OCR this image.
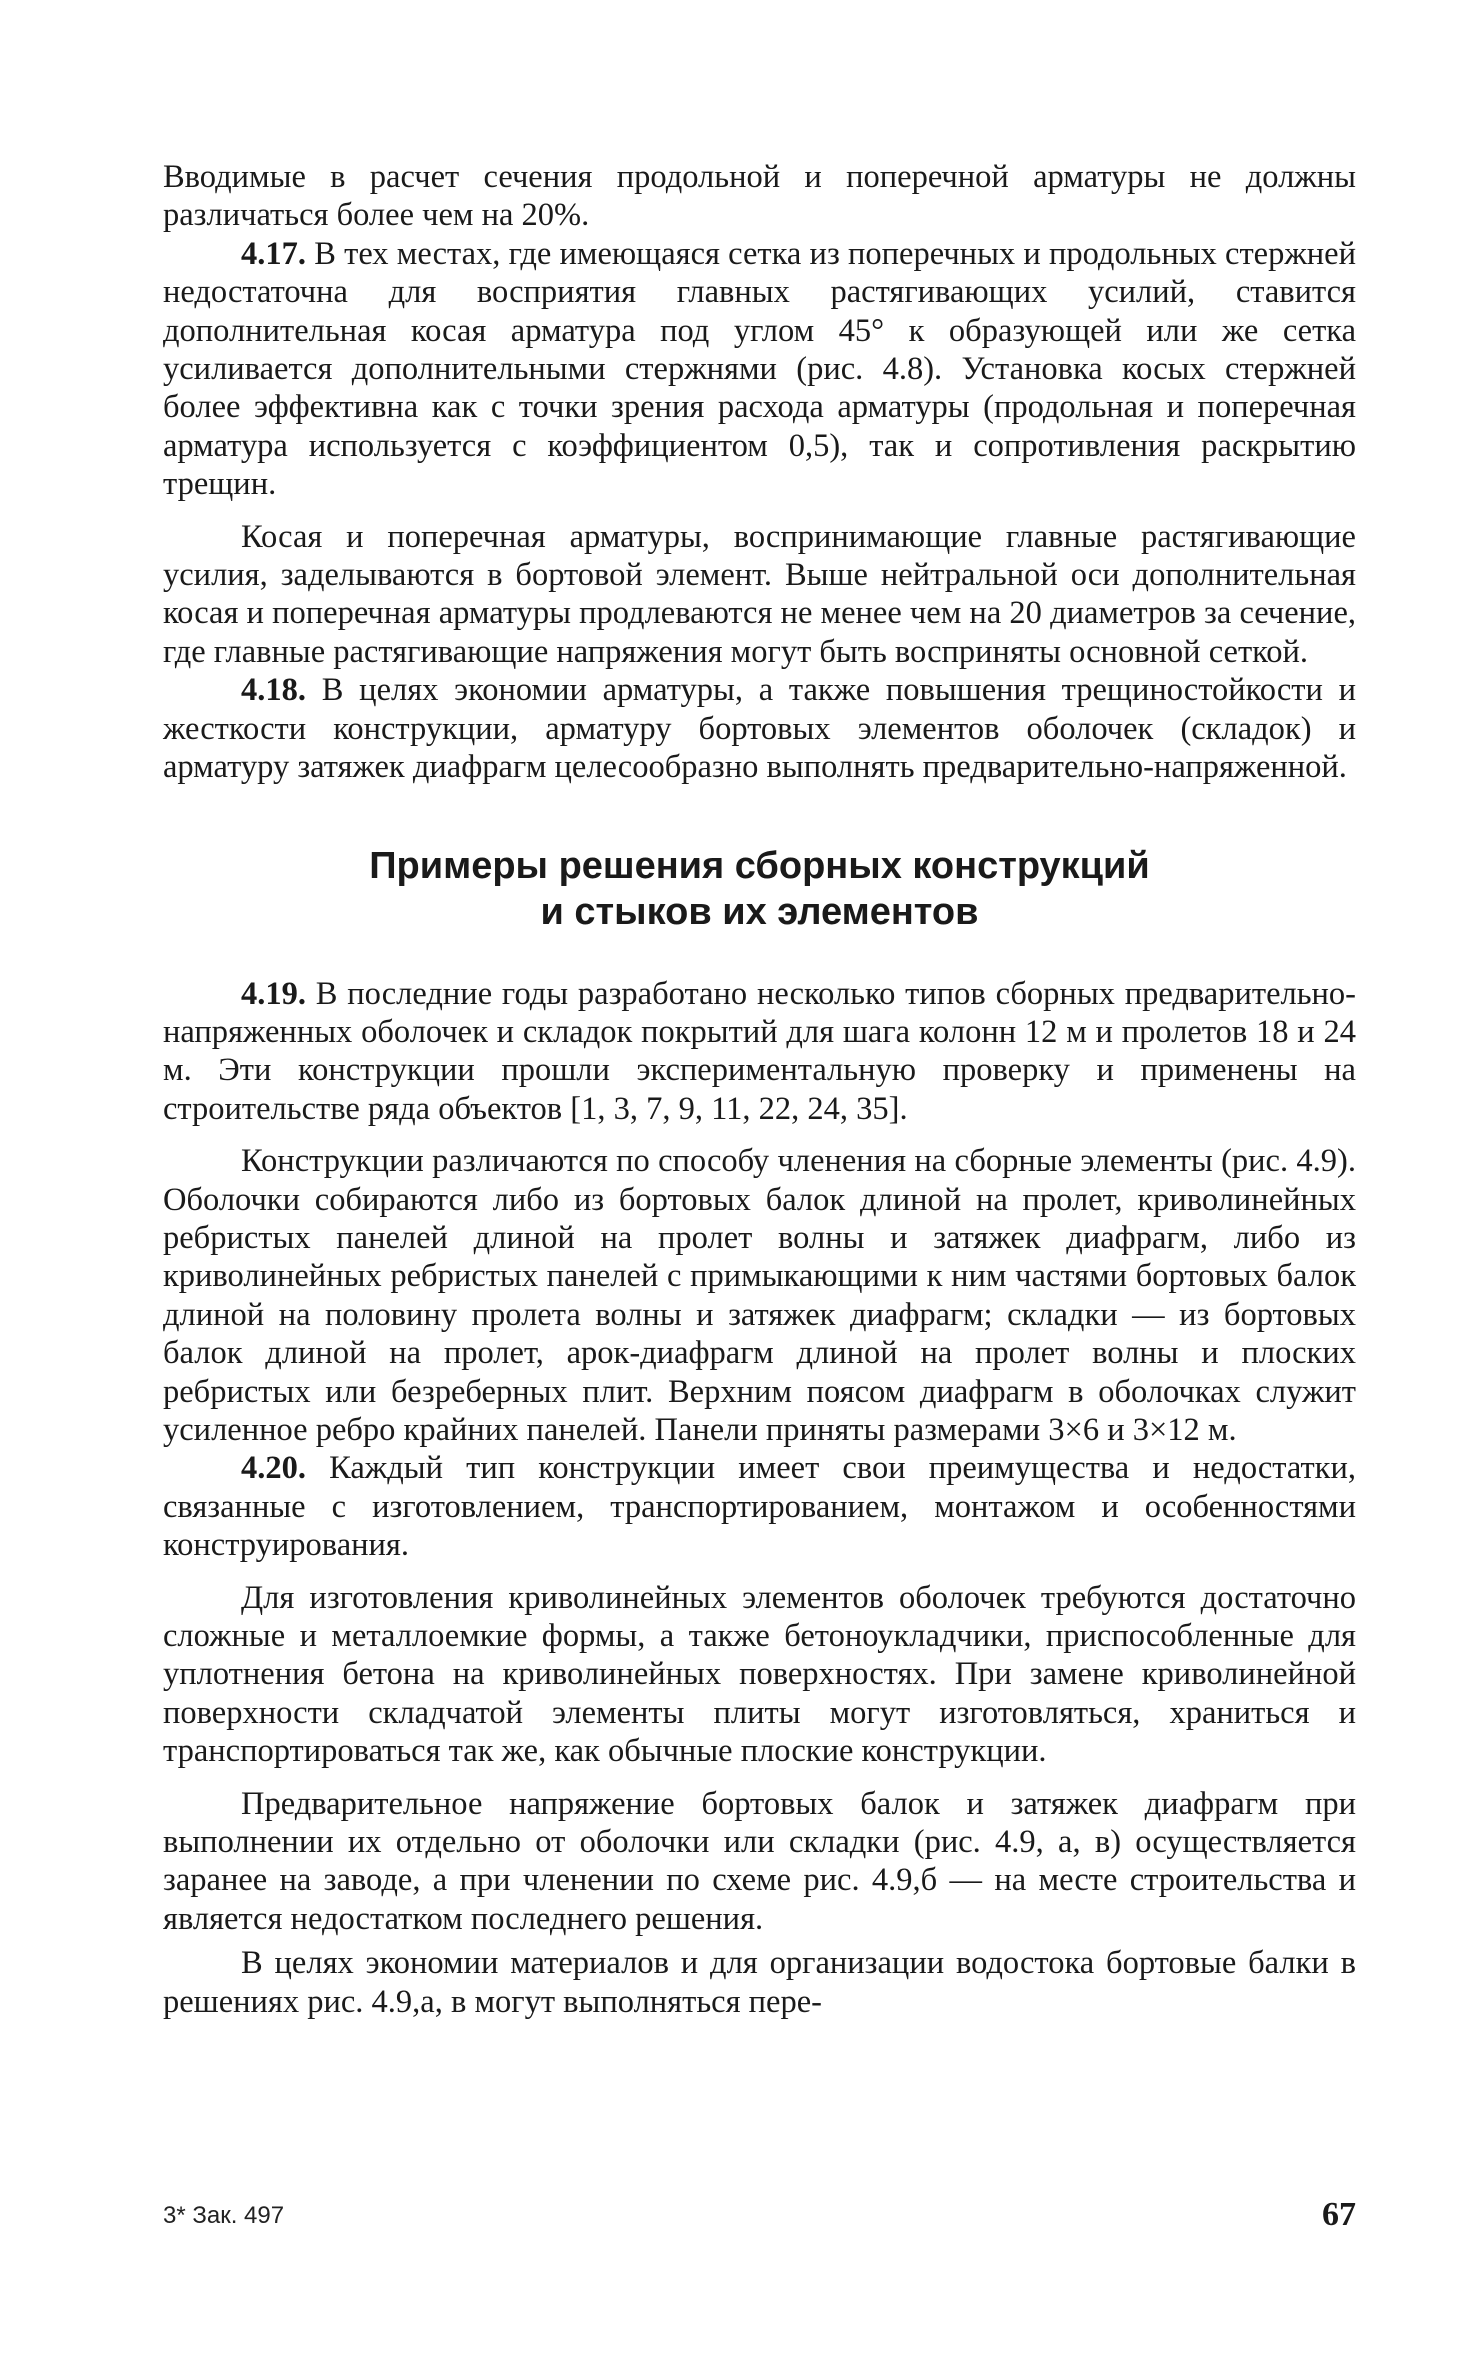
Вводимые в расчет сечения продольной и поперечной арматуры не должны различаться более чем на 20%.

4.17. В тех местах, где имеющаяся сетка из поперечных и продольных стержней недостаточна для восприятия главных растягивающих усилий, ставится дополнительная косая арматура под углом 45° к образующей или же сетка усиливается дополнительными стержнями (рис. 4.8). Установка косых стержней более эффективна как с точки зрения расхода арматуры (продольная и поперечная арматура используется с коэффициентом 0,5), так и сопротивления раскрытию трещин.

Косая и поперечная арматуры, воспринимающие главные растягивающие усилия, заделываются в бортовой элемент. Выше нейтральной оси дополнительная косая и поперечная арматуры продлеваются не менее чем на 20 диаметров за сечение, где главные растягивающие напряжения могут быть восприняты основной сеткой.

4.18. В целях экономии арматуры, а также повышения трещиностойкости и жесткости конструкции, арматуру бортовых элементов оболочек (складок) и арматуру затяжек диафрагм целесообразно выполнять предварительно-напряженной.

Примеры решения сборных конструкций
и стыков их элементов

4.19. В последние годы разработано несколько типов сборных предварительно-напряженных оболочек и складок покрытий для шага колонн 12 м и пролетов 18 и 24 м. Эти конструкции прошли экспериментальную проверку и применены на строительстве ряда объектов [1, 3, 7, 9, 11, 22, 24, 35].

Конструкции различаются по способу членения на сборные элементы (рис. 4.9). Оболочки собираются либо из бортовых балок длиной на пролет, криволинейных ребристых панелей длиной на пролет волны и затяжек диафрагм, либо из криволинейных ребристых панелей с примыкающими к ним частями бортовых балок длиной на половину пролета волны и затяжек диафрагм; складки — из бортовых балок длиной на пролет, арок-диафрагм длиной на пролет волны и плоских ребристых или безреберных плит. Верхним поясом диафрагм в оболочках служит усиленное ребро крайних панелей. Панели приняты размерами 3×6 и 3×12 м.

4.20. Каждый тип конструкции имеет свои преимущества и недостатки, связанные с изготовлением, транспортированием, монтажом и особенностями конструирования.

Для изготовления криволинейных элементов оболочек требуются достаточно сложные и металлоемкие формы, а также бетоноукладчики, приспособленные для уплотнения бетона на криволинейных поверхностях. При замене криволинейной поверхности складчатой элементы плиты могут изготовляться, храниться и транспортироваться так же, как обычные плоские конструкции.

Предварительное напряжение бортовых балок и затяжек диафрагм при выполнении их отдельно от оболочки или складки (рис. 4.9, а, в) осуществляется заранее на заводе, а при членении по схеме рис. 4.9,б — на месте строительства и является недостатком последнего решения.

В целях экономии материалов и для организации водостока бортовые балки в решениях рис. 4.9,а, в могут выполняться пере-

3* Зак. 497	67
